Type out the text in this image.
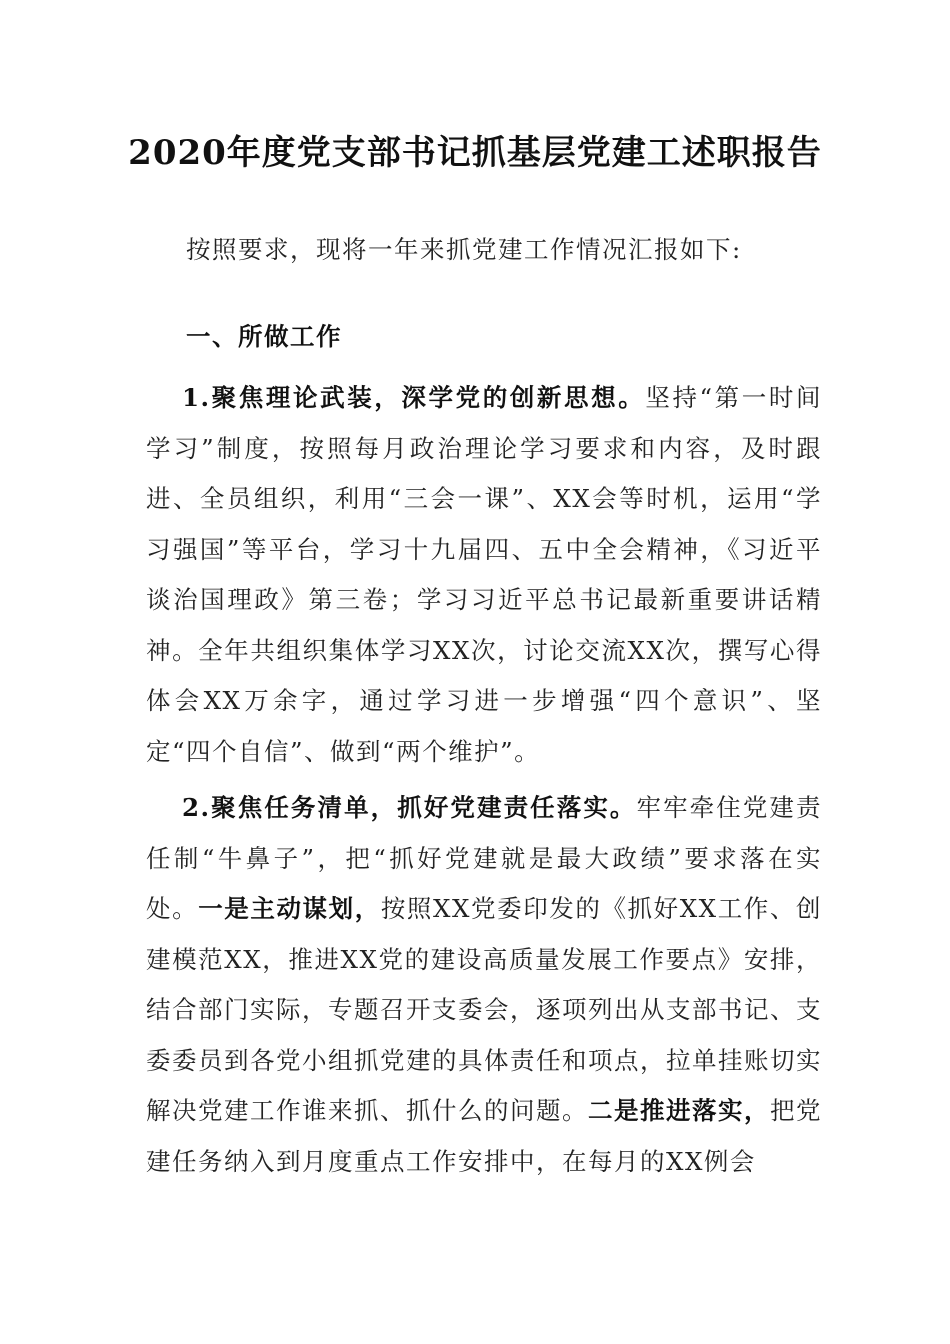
2020年度党支部书记抓基层党建工述职报告
按照要求，现将一年来抓党建工作情况汇报如下:
一、所做工作
1.聚焦理论武装，深学党的创新思想。坚持“第一时间学习”制度，按照每月政治理论学习要求和内容，及时跟进、全员组织，利用“三会一课”、XX会等时机，运用“学习强国”等平台，学习十九届四、五中全会精神，《习近平谈治国理政》第三卷；学习习近平总书记最新重要讲话精神。全年共组织集体学习XX次，讨论交流XX次，撰写心得体会XX万余字，通过学习进一步增强“四个意识”、坚定“四个自信”、做到“两个维护”。
2.聚焦任务清单，抓好党建责任落实。牢牢牵住党建责任制“牛鼻子”，把“抓好党建就是最大政绩”要求落在实处。一是主动谋划，按照XX党委印发的《抓好XX工作、创建模范XX，推进XX党的建设高质量发展工作要点》安排，结合部门实际，专题召开支委会，逐项列出从支部书记、支委委员到各党小组抓党建的具体责任和项点，拉单挂账切实解决党建工作谁来抓、抓什么的问题。二是推进落实，把党建任务纳入到月度重点工作安排中，在每月的XX例会
